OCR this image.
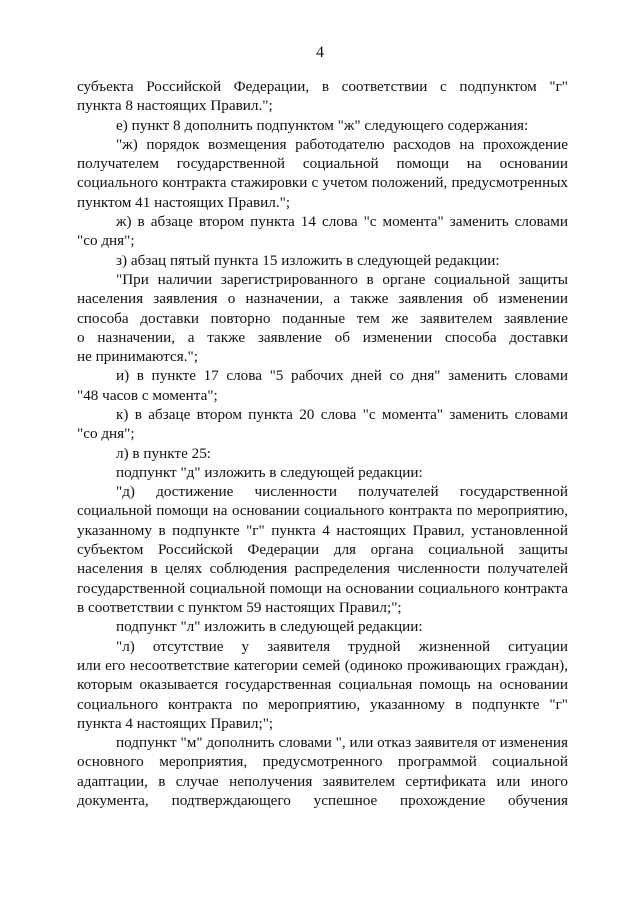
4
субъекта Российской Федерации, в соответствии с подпунктом "г"
пункта 8 настоящих Правил.";
е) пункт 8 дополнить подпунктом "ж" следующего содержания:
"ж) порядок возмещения работодателю расходов на прохождение
получателем государственной социальной помощи на основании
социального контракта стажировки с учетом положений, предусмотренных
пунктом 41 настоящих Правил.";
ж) в абзаце втором пункта 14 слова "с момента" заменить словами
"со дня";
з) абзац пятый пункта 15 изложить в следующей редакции:
"При наличии зарегистрированного в органе социальной защиты
населения заявления о назначении, а также заявления об изменении
способа доставки повторно поданные тем же заявителем заявление
о назначении, а также заявление об изменении способа доставки
не принимаются.";
и) в пункте 17 слова "5 рабочих дней со дня" заменить словами
"48 часов с момента";
к) в абзаце втором пункта 20 слова "с момента" заменить словами
"со дня";
л) в пункте 25:
подпункт "д" изложить в следующей редакции:
"д) достижение численности получателей государственной
социальной помощи на основании социального контракта по мероприятию,
указанному в подпункте "г" пункта 4 настоящих Правил, установленной
субъектом Российской Федерации для органа социальной защиты
населения в целях соблюдения распределения численности получателей
государственной социальной помощи на основании социального контракта
в соответствии с пунктом 59 настоящих Правил;";
подпункт "л" изложить в следующей редакции:
"л) отсутствие у заявителя трудной жизненной ситуации
или его несоответствие категории семей (одиноко проживающих граждан),
которым оказывается государственная социальная помощь на основании
социального контракта по мероприятию, указанному в подпункте "г"
пункта 4 настоящих Правил;";
подпункт "м" дополнить словами ", или отказ заявителя от изменения
основного мероприятия, предусмотренного программой социальной
адаптации, в случае неполучения заявителем сертификата или иного
документа, подтверждающего успешное прохождение обучения
